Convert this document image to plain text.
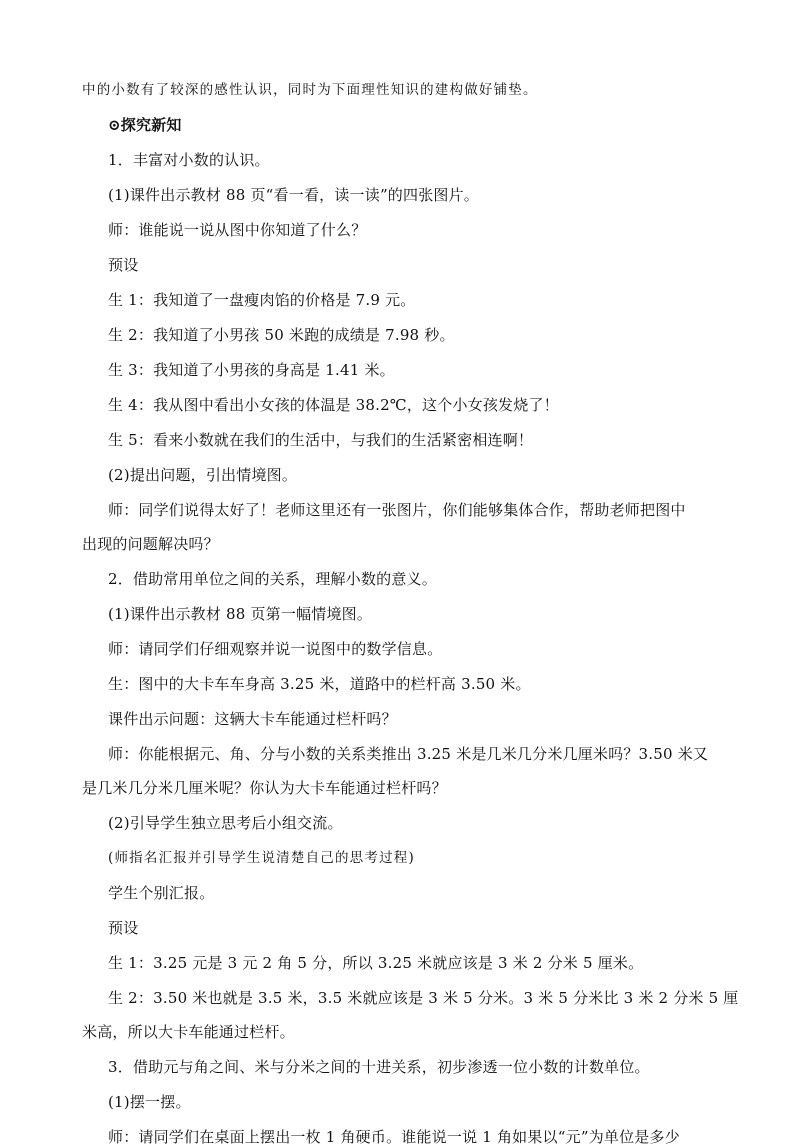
中的小数有了较深的感性认识，同时为下面理性知识的建构做好铺垫。
⊙探究新知
1．丰富对小数的认识。
(1)课件出示教材 88 页“看一看，读一读”的四张图片。
师：谁能说一说从图中你知道了什么？
预设
生 1：我知道了一盘瘦肉馅的价格是 7.9 元。
生 2：我知道了小男孩 50 米跑的成绩是 7.98 秒。
生 3：我知道了小男孩的身高是 1.41 米。
生 4：我从图中看出小女孩的体温是 38.2℃，这个小女孩发烧了！
生 5：看来小数就在我们的生活中，与我们的生活紧密相连啊！
(2)提出问题，引出情境图。
师：同学们说得太好了！老师这里还有一张图片，你们能够集体合作，帮助老师把图中
出现的问题解决吗？
2．借助常用单位之间的关系，理解小数的意义。
(1)课件出示教材 88 页第一幅情境图。
师：请同学们仔细观察并说一说图中的数学信息。
生：图中的大卡车车身高 3.25 米，道路中的栏杆高 3.50 米。
课件出示问题：这辆大卡车能通过栏杆吗？
师：你能根据元、角、分与小数的关系类推出 3.25 米是几米几分米几厘米吗？3.50 米又
是几米几分米几厘米呢？你认为大卡车能通过栏杆吗？
(2)引导学生独立思考后小组交流。
(师指名汇报并引导学生说清楚自己的思考过程)
学生个别汇报。
预设
生 1：3.25 元是 3 元 2 角 5 分，所以 3.25 米就应该是 3 米 2 分米 5 厘米。
生 2：3.50 米也就是 3.5 米，3.5 米就应该是 3 米 5 分米。3 米 5 分米比 3 米 2 分米 5 厘
米高，所以大卡车能通过栏杆。
3．借助元与角之间、米与分米之间的十进关系，初步渗透一位小数的计数单位。
(1)摆一摆。
师：请同学们在桌面上摆出一枚 1 角硬币。谁能说一说 1 角如果以“元”为单位是多少
